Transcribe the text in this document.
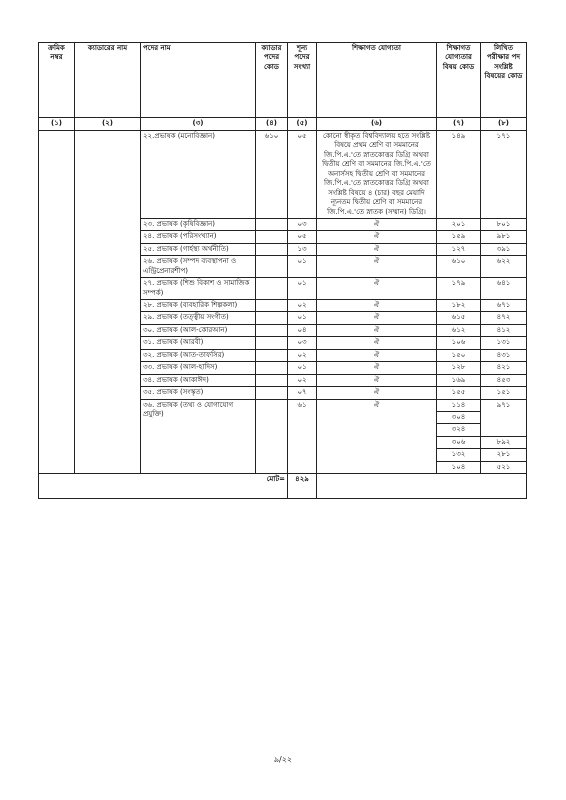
ক্রমিক নম্বর	ক্যাডারের নাম	পদের নাম	ক্যাডার পদের কোড	শূন্য পদের সংখ্যা	শিক্ষাগত যোগ্যতা	শিক্ষাগত যোগ্যতার বিষয় কোড	লিখিত পরীক্ষার পদ সংশ্লিষ্ট বিষয়ের কোড
(১)	(২)	(৩)	(৪)	(৫)	(৬)	(৭)	(৮)
		২২.প্রভাষক (মনোবিজ্ঞান)	৬১০	০৫	কোনো স্বীকৃত বিশ্ববিদ্যালয় হতে সংশ্লিষ্ট বিষয়ে প্রথম শ্রেণি বা সমমানের জি.পি.এ.'তে স্নাতকোত্তর ডিগ্রি অথবা দ্বিতীয় শ্রেণি বা সমমানের জি.পি.এ.'তে অনার্সসহ দ্বিতীয় শ্রেণি বা সমমানের জি.পি.এ.'তে স্নাতকোত্তর ডিগ্রি অথবা সংশ্লিষ্ট বিষয়ে ৪ (চার) বছর মেয়াদি ন্যূনতম দ্বিতীয় শ্রেণি বা সমমানের জি.পি.এ.'তে স্নাতক (সম্মান) ডিগ্রি।	১৪৯	১৭১
		২৩. প্রভাষক (কৃষিবিজ্ঞান)		০৩	ঐ	২০১	৮০১
		২৪. প্রভাষক (পরিসংখ্যান)		০৫	ঐ	১৫৯	৯৮১
		২৫. প্রভাষক (গার্হস্থ্য অর্থনীতি)		১৩	ঐ	১২৭	৩৯১
		২৬. প্রভাষক (সম্পদ ব্যবস্থাপনা ও এন্ট্রিপ্রেনারশীপ)		০১	ঐ	৬১০	৬২২
		২৭. প্রভাষক (শিশু বিকাশ ও সামাজিক সম্পর্ক)		০১	ঐ	১৭৯	৬৪১
		২৮. প্রভাষক (ব্যবহারিক শিল্পকলা)		০২	ঐ	১৮২	৬৭১
		২৯. প্রভাষক (তত্ত্বীয় সংগীত)		০১	ঐ	৬১৫	৪৭২
		৩০. প্রভাষক (আল-কোরআন)		০৪	ঐ	৬১২	৪১২
		৩১. প্রভাষক (আরবী)		০৩	ঐ	১০৬	১৩১
		৩২. প্রভাষক (আত-তাফসির)		০২	ঐ	১৫০	৪৩১
		৩৩. প্রভাষক (আল-হাদিস)		০১	ঐ	১২৮	৪২১
		৩৪. প্রভাষক (আকাঈদ)		০২	ঐ	১৬৯	৪৫৩
		৩৫. প্রভাষক (সংস্কৃত)		০৭	ঐ	১৫৫	১৫১
		৩৬. প্রভাষক (তথ্য ও যোগাযোগ প্রযুক্তি)		৬১	ঐ	১১৪	৯৭১
						৩০৪	
						৩২৪	
						৩০৬	৮৯২
						১৩২	২৮১
						১০৪	৫২১
মোট=				৪২৯			
৯/২২
